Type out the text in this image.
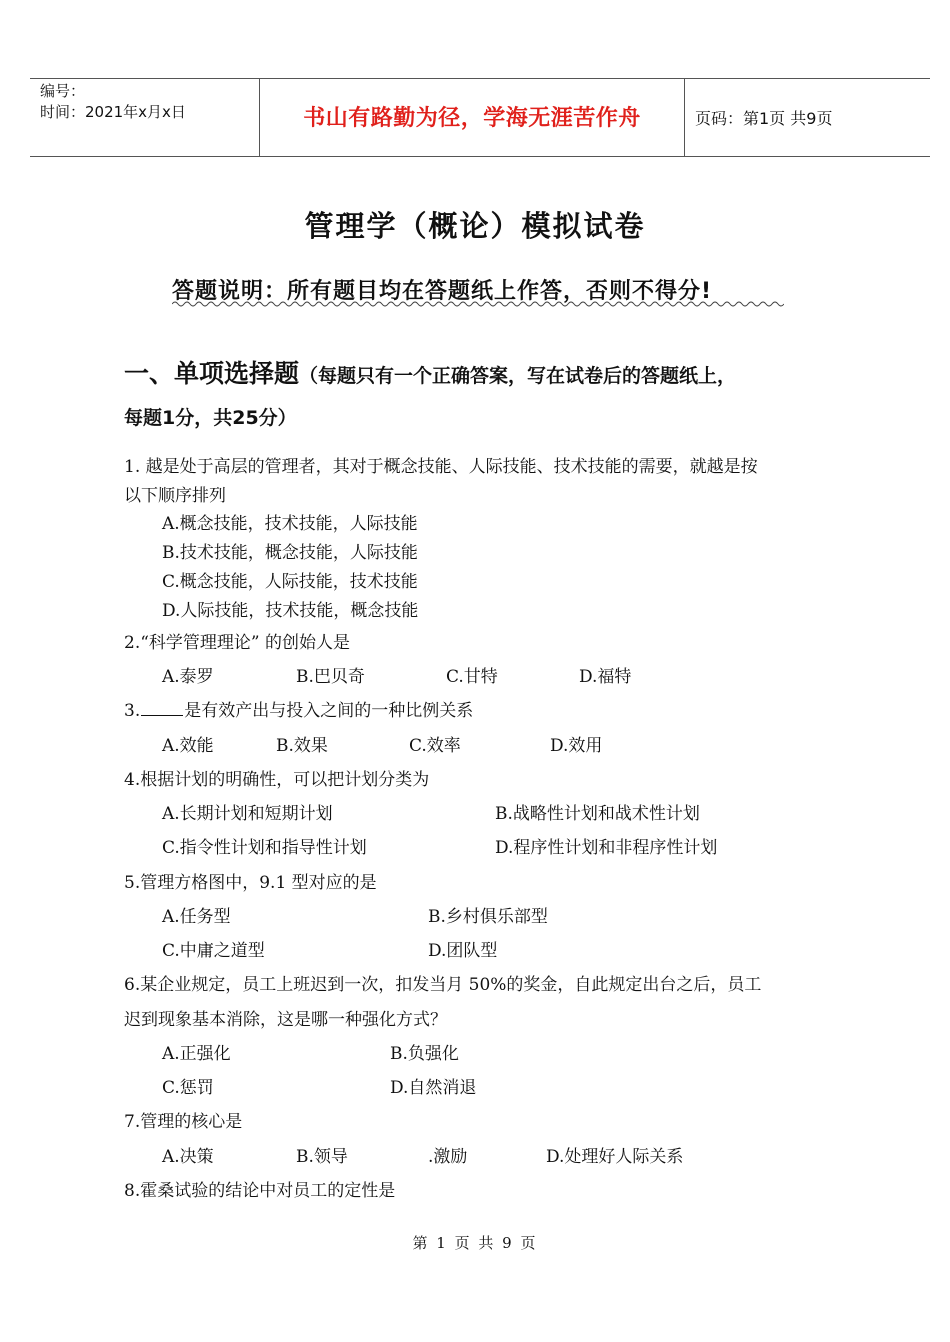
编号：
时间：2021年x月x日	书山有路勤为径，学海无涯苦作舟	页码：第1页 共9页
管理学（概论）模拟试卷
答题说明：所有题目均在答题纸上作答，否则不得分!
一、单项选择题（每题只有一个正确答案，写在试卷后的答题纸上，
每题1分，共25分）
1. 越是处于高层的管理者，其对于概念技能、人际技能、技术技能的需要，就越是按
以下顺序排列
A.概念技能，技术技能，人际技能
B.技术技能，概念技能，人际技能
C.概念技能，人际技能，技术技能
D.人际技能，技术技能，概念技能
2.“科学管理理论” 的创始人是
A.泰罗	B.巴贝奇	C.甘特	D.福特
3.	是有效产出与投入之间的一种比例关系
A.效能	B.效果	C.效率	D.效用
4.根据计划的明确性，可以把计划分类为
A.长期计划和短期计划	B.战略性计划和战术性计划
C.指令性计划和指导性计划	D.程序性计划和非程序性计划
5.管理方格图中，9.1 型对应的是
A.任务型	B.乡村俱乐部型
C.中庸之道型	D.团队型
6.某企业规定，员工上班迟到一次，扣发当月 50%的奖金，自此规定出台之后，员工
迟到现象基本消除，这是哪一种强化方式？
A.正强化	B.负强化
C.惩罚	D.自然消退
7.管理的核心是
A.决策	B.领导	.激励	D.处理好人际关系
8.霍桑试验的结论中对员工的定性是
第 1 页 共 9 页
